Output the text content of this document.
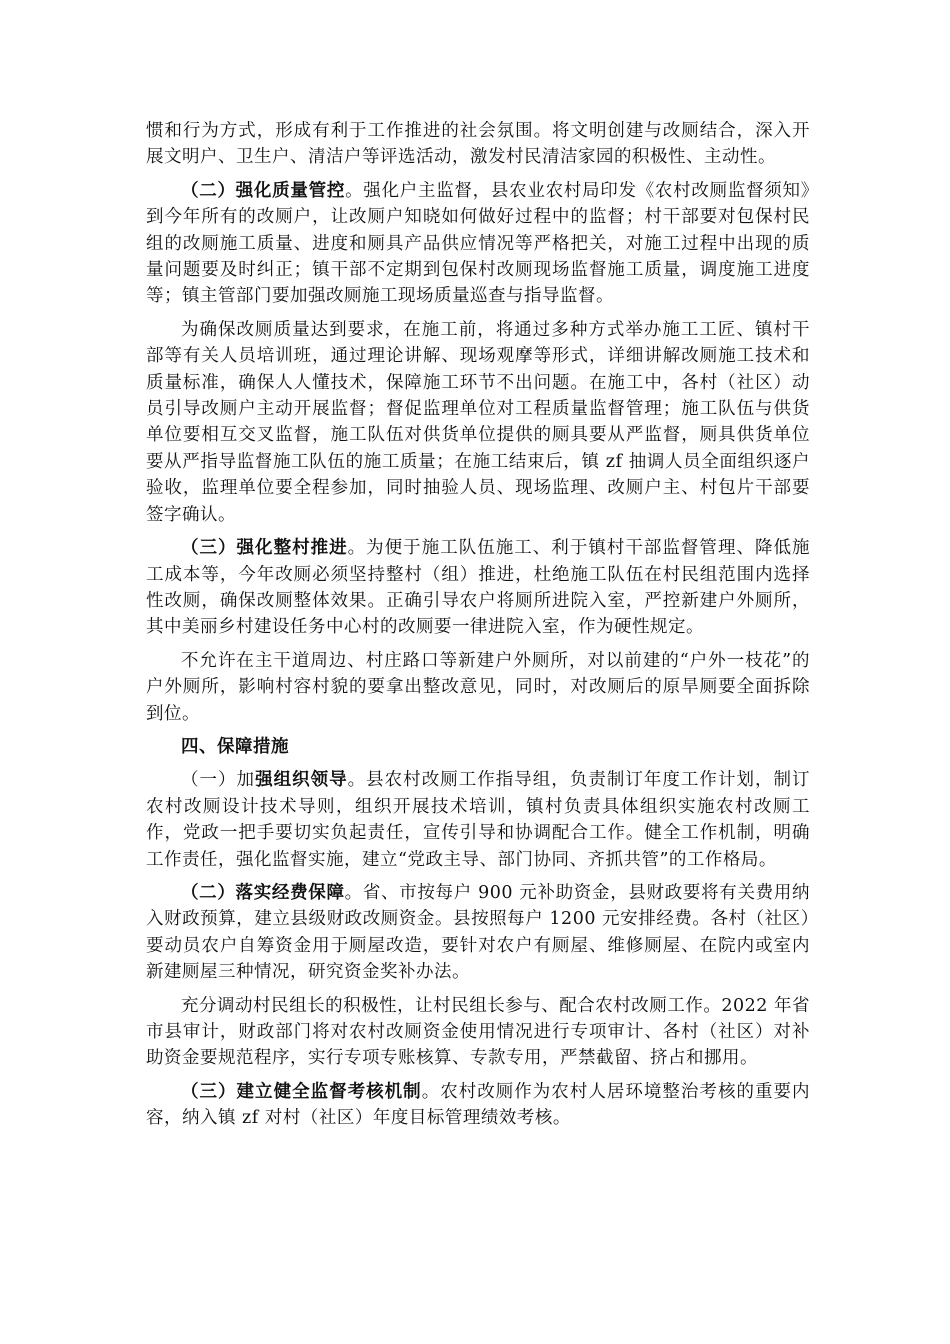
惯和行为方式，形成有利于工作推进的社会氛围。将文明创建与改厕结合，深入开展文明户、卫生户、清洁户等评选活动，激发村民清洁家园的积极性、主动性。

（二）强化质量管控。强化户主监督，县农业农村局印发《农村改厕监督须知》到今年所有的改厕户，让改厕户知晓如何做好过程中的监督；村干部要对包保村民组的改厕施工质量、进度和厕具产品供应情况等严格把关，对施工过程中出现的质量问题要及时纠正；镇干部不定期到包保村改厕现场监督施工质量，调度施工进度等；镇主管部门要加强改厕施工现场质量巡查与指导监督。

为确保改厕质量达到要求，在施工前，将通过多种方式举办施工工匠、镇村干部等有关人员培训班，通过理论讲解、现场观摩等形式，详细讲解改厕施工技术和质量标准，确保人人懂技术，保障施工环节不出问题。在施工中，各村（社区）动员引导改厕户主动开展监督；督促监理单位对工程质量监督管理；施工队伍与供货单位要相互交叉监督，施工队伍对供货单位提供的厕具要从严监督，厕具供货单位要从严指导监督施工队伍的施工质量；在施工结束后，镇 zf 抽调人员全面组织逐户验收，监理单位要全程参加，同时抽验人员、现场监理、改厕户主、村包片干部要签字确认。

（三）强化整村推进。为便于施工队伍施工、利于镇村干部监督管理、降低施工成本等，今年改厕必须坚持整村（组）推进，杜绝施工队伍在村民组范围内选择性改厕，确保改厕整体效果。正确引导农户将厕所进院入室，严控新建户外厕所，其中美丽乡村建设任务中心村的改厕要一律进院入室，作为硬性规定。

不允许在主干道周边、村庄路口等新建户外厕所，对以前建的“户外一枝花”的户外厕所，影响村容村貌的要拿出整改意见，同时，对改厕后的原旱厕要全面拆除到位。

四、保障措施

（一）加强组织领导。县农村改厕工作指导组，负责制订年度工作计划，制订农村改厕设计技术导则，组织开展技术培训，镇村负责具体组织实施农村改厕工作，党政一把手要切实负起责任，宣传引导和协调配合工作。健全工作机制，明确工作责任，强化监督实施，建立“党政主导、部门协同、齐抓共管”的工作格局。

（二）落实经费保障。省、市按每户 900 元补助资金，县财政要将有关费用纳入财政预算，建立县级财政改厕资金。县按照每户 1200 元安排经费。各村（社区）要动员农户自筹资金用于厕屋改造，要针对农户有厕屋、维修厕屋、在院内或室内新建厕屋三种情况，研究资金奖补办法。

充分调动村民组长的积极性，让村民组长参与、配合农村改厕工作。2022 年省市县审计，财政部门将对农村改厕资金使用情况进行专项审计、各村（社区）对补助资金要规范程序，实行专项专账核算、专款专用，严禁截留、挤占和挪用。

（三）建立健全监督考核机制。农村改厕作为农村人居环境整治考核的重要内容，纳入镇 zf 对村（社区）年度目标管理绩效考核。
